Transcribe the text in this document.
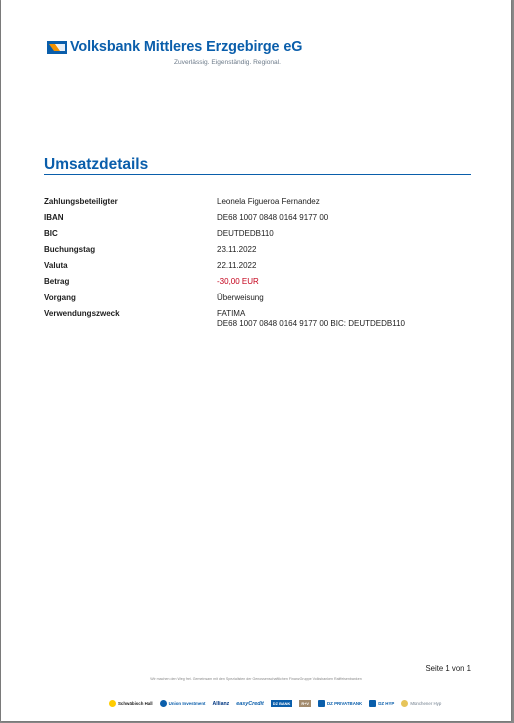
Volksbank Mittleres Erzgebirge eG
Zuverlässig. Eigenständig. Regional.
Umsatzdetails
Zahlungsbeteiligter	Leonela Figueroa Fernandez
IBAN	DE68 1007 0848 0164 9177 00
BIC	DEUTDEDB110
Buchungstag	23.11.2022
Valuta	22.11.2022
Betrag	-30,00 EUR
Vorgang	Überweisung
Verwendungszweck	FATIMA
DE68 1007 0848 0164 9177 00 BIC: DEUTDEDB110
Seite 1 von 1
Wir machen den Weg frei. Gemeinsam mit den Spezialisten der Genossenschaftlichen FinanzGruppe Volksbanken Raiffeisenbanken
Schwäbisch Hall	Union Investment Allianz easyCredit DZ BANK	R+V	DZ PRIVATBANK	DZ HYP	Münchener Hyp
